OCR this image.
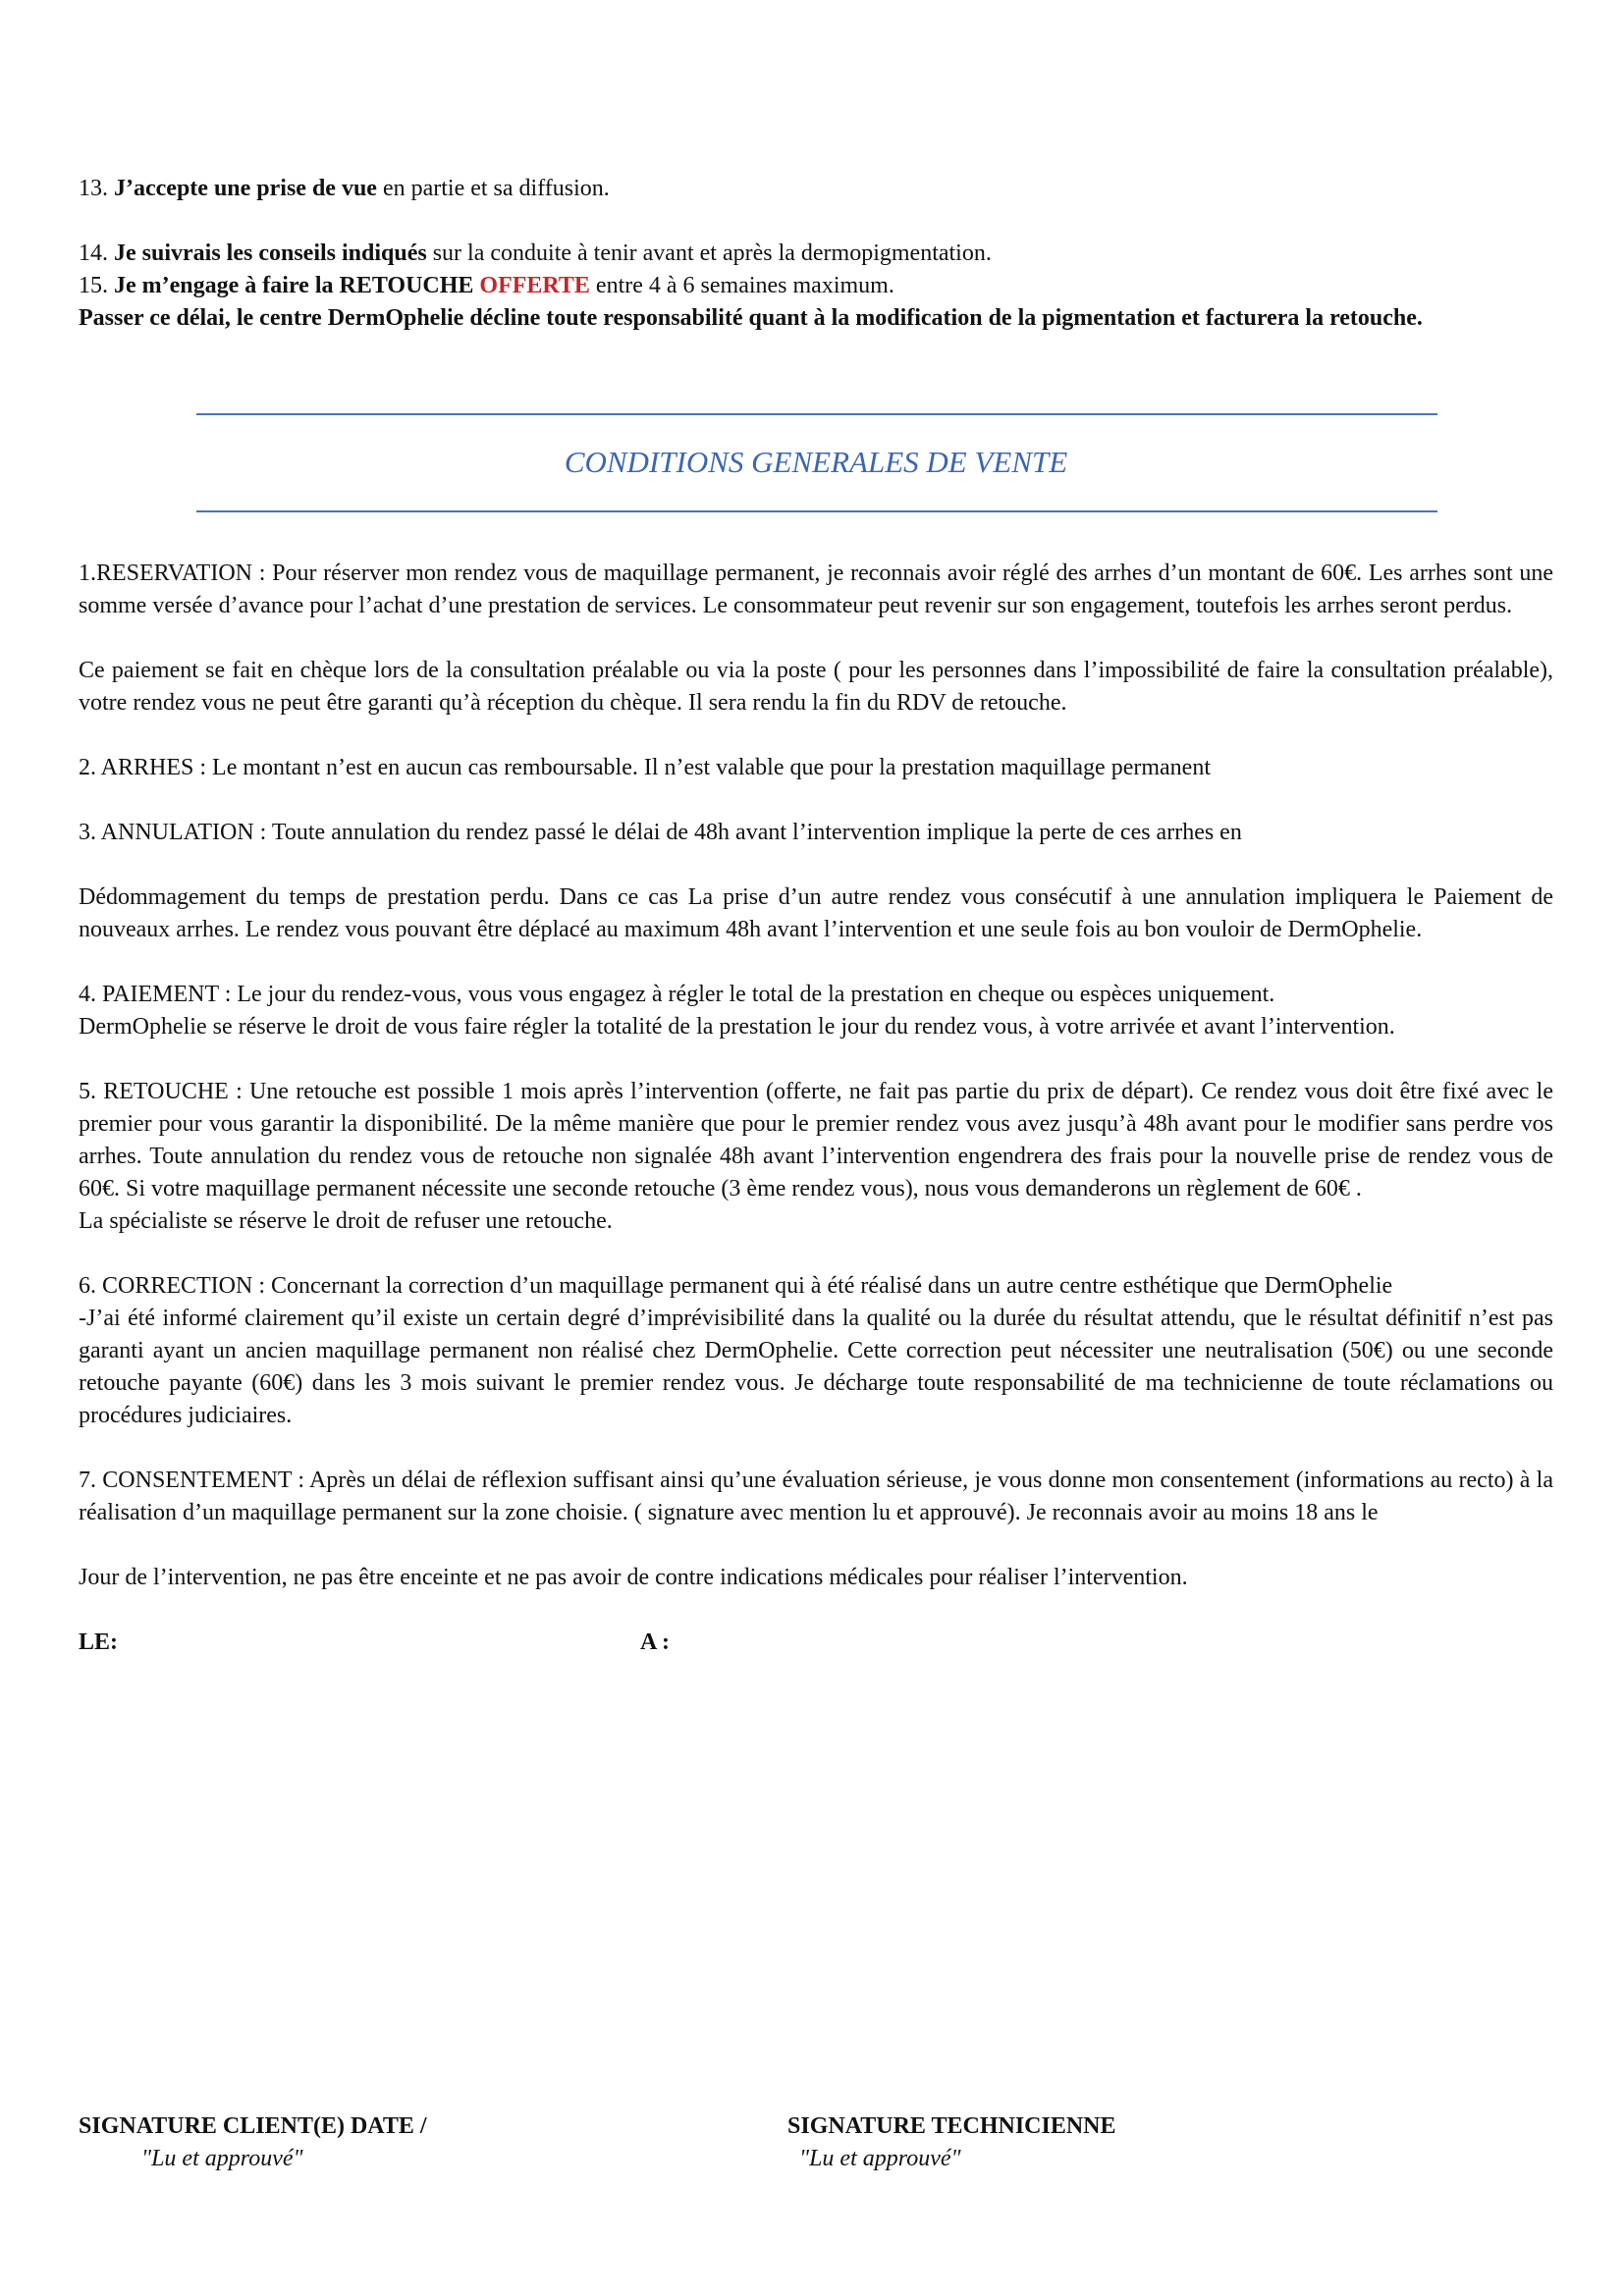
13. J’accepte une prise de vue en partie et sa diffusion.

14. Je suivrais les conseils indiqués sur la conduite à tenir avant et après la dermopigmentation.

15. Je m’engage à faire la RETOUCHE OFFERTE entre 4 à 6 semaines maximum.

Passer ce délai, le centre DermOphelie décline toute responsabilité quant à la modification de la pigmentation et facturera la retouche.

CONDITIONS GENERALES DE VENTE

1.RESERVATION : Pour réserver mon rendez vous de maquillage permanent, je reconnais avoir réglé des arrhes d’un montant de 60€. Les arrhes sont une somme versée d’avance pour l’achat d’une prestation de services. Le consommateur peut revenir sur son engagement, toutefois les arrhes seront perdus.

Ce paiement se fait en chèque lors de la consultation préalable ou via la poste ( pour les personnes dans l’impossibilité de faire la consultation préalable), votre rendez vous ne peut être garanti qu’à réception du chèque. Il sera rendu la fin du RDV de retouche.

2. ARRHES : Le montant n’est en aucun cas remboursable. Il n’est valable que pour la prestation maquillage permanent

3. ANNULATION : Toute annulation du rendez passé le délai de 48h avant l’intervention implique la perte de ces arrhes en

Dédommagement du temps de prestation perdu. Dans ce cas La prise d’un autre rendez vous consécutif à une annulation impliquera le Paiement de nouveaux arrhes. Le rendez vous pouvant être déplacé au maximum 48h avant l’intervention et une seule fois au bon vouloir de DermOphelie.

4. PAIEMENT : Le jour du rendez-vous, vous vous engagez à régler le total de la prestation en cheque ou espèces uniquement.

DermOphelie se réserve le droit de vous faire régler la totalité de la prestation le jour du rendez vous, à votre arrivée et avant l’intervention.

5. RETOUCHE : Une retouche est possible 1 mois après l’intervention (offerte, ne fait pas partie du prix de départ). Ce rendez vous doit être fixé avec le premier pour vous garantir la disponibilité. De la même manière que pour le premier rendez vous avez jusqu’à 48h avant pour le modifier sans perdre vos arrhes. Toute annulation du rendez vous de retouche non signalée 48h avant l’intervention engendrera des frais pour la nouvelle prise de rendez vous de 60€. Si votre maquillage permanent nécessite une seconde retouche (3 ème rendez vous), nous vous demanderons un règlement de 60€ .

La spécialiste se réserve le droit de refuser une retouche.

6. CORRECTION : Concernant la correction d’un maquillage permanent qui à été réalisé dans un autre centre esthétique que DermOphelie

-J’ai été informé clairement qu’il existe un certain degré d’imprévisibilité dans la qualité ou la durée du résultat attendu, que le résultat définitif n’est pas garanti ayant un ancien maquillage permanent non réalisé chez DermOphelie. Cette correction peut nécessiter une neutralisation (50€) ou une seconde retouche payante (60€) dans les 3 mois suivant le premier rendez vous. Je décharge toute responsabilité de ma technicienne de toute réclamations ou procédures judiciaires.

7. CONSENTEMENT : Après un délai de réflexion suffisant ainsi qu’une évaluation sérieuse, je vous donne mon consentement (informations au recto) à la réalisation d’un maquillage permanent sur la zone choisie. ( signature avec mention lu et approuvé). Je reconnais avoir au moins 18 ans le

Jour de l’intervention, ne pas être enceinte et ne pas avoir de contre indications médicales pour réaliser l’intervention.

LE:	A :

SIGNATURE CLIENT(E) DATE /

"Lu et approuvé"

SIGNATURE TECHNICIENNE

"Lu et approuvé"
